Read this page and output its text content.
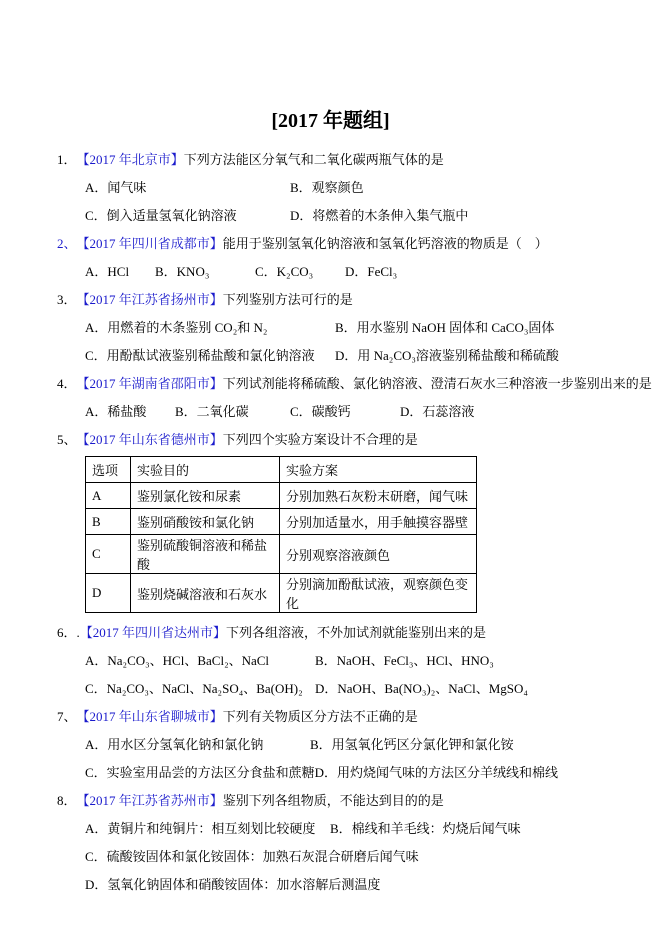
[2017 年题组]
1． 【2017 年北京市】 下列方法能区分氧气和二氧化碳两瓶气体的是
A．闻气味	B．观察颜色
C．倒入适量氢氧化钠溶液	D．将燃着的木条伸入集气瓶中
2、 【2017 年四川省成都市】 能用于鉴别氢氧化钠溶液和氢氧化钙溶液的物质是（　）
A．HCl	B．KNO₃	C．K₂CO₃	D．FeCl₃
3． 【2017 年江苏省扬州市】 下列鉴别方法可行的是
A．用燃着的木条鉴别 CO₂和 N₂	B．用水鉴别 NaOH 固体和 CaCO₃固体
C．用酚酞试液鉴别稀盐酸和氯化钠溶液	D．用 Na₂CO₃溶液鉴别稀盐酸和稀硫酸
4． 【2017 年湖南省邵阳市】 下列试剂能将稀硫酸、氯化钠溶液、澄清石灰水三种溶液一步鉴别出来的是
A．稀盐酸	B．二氧化碳	C．碳酸钙	D．石蕊溶液
5、 【2017 年山东省德州市】 下列四个实验方案设计不合理的是
选项	实验目的	实验方案
A	鉴别氯化铵和尿素	分别加熟石灰粉末研磨，闻气味
B	鉴别硝酸铵和氯化钠	分别加适量水，用手触摸容器壁
C	鉴别硫酸铜溶液和稀盐酸	分别观察溶液颜色
D	鉴别烧碱溶液和石灰水	分别滴加酚酞试液，观察颜色变化
6．. 【2017 年四川省达州市】 下列各组溶液，不外加试剂就能鉴别出来的是
A．Na₂CO₃、HCl、BaCl₂、NaCl	B．NaOH、FeCl₃、HCl、HNO₃
C．Na₂CO₃、NaCl、Na₂SO₄、Ba(OH)₂ D．NaOH、Ba(NO₃)₂、NaCl、MgSO₄
7、 【2017 年山东省聊城市】 下列有关物质区分方法不正确的是
A．用水区分氢氧化钠和氯化钠	B．用氢氧化钙区分氯化钾和氯化铵
C．实验室用品尝的方法区分食盐和蔗糖 D．用灼烧闻气味的方法区分羊绒线和棉线
8． 【2017 年江苏省苏州市】 鉴别下列各组物质，不能达到目的的是
A．黄铜片和纯铜片：相互刻划比较硬度	B．棉线和羊毛线：灼烧后闻气味
C．硫酸铵固体和氯化铵固体：加熟石灰混合研磨后闻气味
D．氢氧化钠固体和硝酸铵固体：加水溶解后测温度
